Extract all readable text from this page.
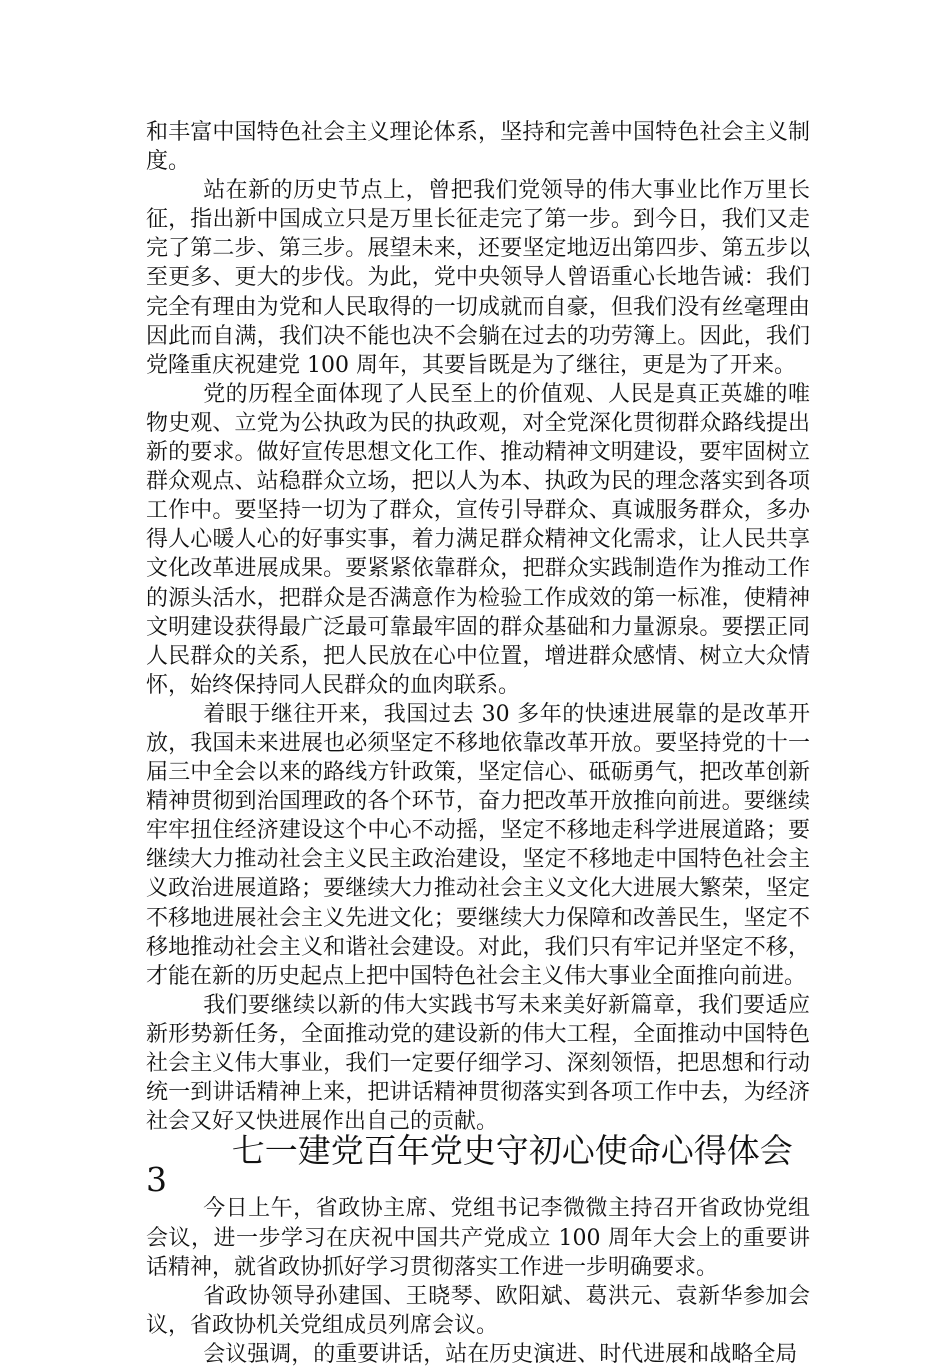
和丰富中国特色社会主义理论体系，坚持和完善中国特色社会主义制度。

站在新的历史节点上，曾把我们党领导的伟大事业比作万里长征，指出新中国成立只是万里长征走完了第一步。到今日，我们又走完了第二步、第三步。展望未来，还要坚定地迈出第四步、第五步以至更多、更大的步伐。为此，党中央领导人曾语重心长地告诫：我们完全有理由为党和人民取得的一切成就而自豪，但我们没有丝毫理由因此而自满，我们决不能也决不会躺在过去的功劳簿上。因此，我们党隆重庆祝建党 100 周年，其要旨既是为了继往，更是为了开来。

党的历程全面体现了人民至上的价值观、人民是真正英雄的唯物史观、立党为公执政为民的执政观，对全党深化贯彻群众路线提出新的要求。做好宣传思想文化工作、推动精神文明建设，要牢固树立群众观点、站稳群众立场，把以人为本、执政为民的理念落实到各项工作中。要坚持一切为了群众，宣传引导群众、真诚服务群众，多办得人心暖人心的好事实事，着力满足群众精神文化需求，让人民共享文化改革进展成果。要紧紧依靠群众，把群众实践制造作为推动工作的源头活水，把群众是否满意作为检验工作成效的第一标准，使精神文明建设获得最广泛最可靠最牢固的群众基础和力量源泉。要摆正同人民群众的关系，把人民放在心中位置，增进群众感情、树立大众情怀，始终保持同人民群众的血肉联系。

着眼于继往开来，我国过去 30 多年的快速进展靠的是改革开放，我国未来进展也必须坚定不移地依靠改革开放。要坚持党的十一届三中全会以来的路线方针政策，坚定信心、砥砺勇气，把改革创新精神贯彻到治国理政的各个环节，奋力把改革开放推向前进。要继续牢牢扭住经济建设这个中心不动摇，坚定不移地走科学进展道路；要继续大力推动社会主义民主政治建设，坚定不移地走中国特色社会主义政治进展道路；要继续大力推动社会主义文化大进展大繁荣，坚定不移地进展社会主义先进文化；要继续大力保障和改善民生，坚定不移地推动社会主义和谐社会建设。对此，我们只有牢记并坚定不移，才能在新的历史起点上把中国特色社会主义伟大事业全面推向前进。

我们要继续以新的伟大实践书写未来美好新篇章，我们要适应新形势新任务，全面推动党的建设新的伟大工程，全面推动中国特色社会主义伟大事业，我们一定要仔细学习、深刻领悟，把思想和行动统一到讲话精神上来，把讲话精神贯彻落实到各项工作中去，为经济社会又好又快进展作出自己的贡献。

七一建党百年党史守初心使命心得体会 3

今日上午，省政协主席、党组书记李微微主持召开省政协党组会议，进一步学习在庆祝中国共产党成立 100 周年大会上的重要讲话精神，就省政协抓好学习贯彻落实工作进一步明确要求。

省政协领导孙建国、王晓琴、欧阳斌、葛洪元、袁新华参加会议，省政协机关党组成员列席会议。

会议强调，的重要讲话，站在历史演进、时代进展和战略全局
